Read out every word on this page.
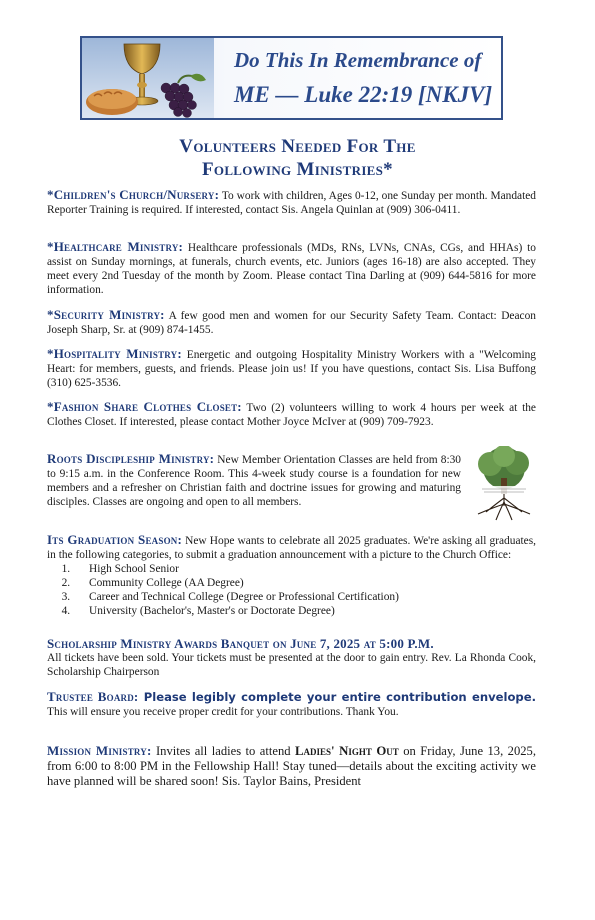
Do This In Remembrance of
ME — Luke 22:19 [NKJV]
Volunteers Needed For The
Following Ministries*
*Children's Church/Nursery: To work with children, Ages 0-12, one Sunday per month. Mandated Reporter Training is required. If interested, contact Sis. Angela Quinlan at (909) 306-0411.
*Healthcare Ministry: Healthcare professionals (MDs, RNs, LVNs, CNAs, CGs, and HHAs) to assist on Sunday mornings, at funerals, church events, etc. Juniors (ages 16-18) are also accepted. They meet every 2nd Tuesday of the month by Zoom. Please contact Tina Darling at (909) 644-5816 for more information.
*Security Ministry: A few good men and women for our Security Safety Team. Contact: Deacon Joseph Sharp, Sr. at (909) 874-1455.
*Hospitality Ministry: Energetic and outgoing Hospitality Ministry Workers with a "Welcoming Heart: for members, guests, and friends. Please join us! If you have questions, contact Sis. Lisa Buffong (310) 625-3536.
*Fashion Share Clothes Closet: Two (2) volunteers willing to work 4 hours per week at the Clothes Closet. If interested, please contact Mother Joyce McIver at (909) 709-7923.
Roots Discipleship Ministry: New Member Orientation Classes are held from 8:30 to 9:15 a.m. in the Conference Room. This 4-week study course is a foundation for new members and a refresher on Christian faith and doctrine issues for growing and maturing disciples. Classes are ongoing and open to all members.
Its Graduation Season: New Hope wants to celebrate all 2025 graduates. We're asking all graduates, in the following categories, to submit a graduation announcement with a picture to the Church Office:
1. High School Senior
2. Community College (AA Degree)
3. Career and Technical College (Degree or Professional Certification)
4. University (Bachelor's, Master's or Doctorate Degree)
Scholarship Ministry Awards Banquet on June 7, 2025 at 5:00 P.M.
All tickets have been sold. Your tickets must be presented at the door to gain entry. Rev. La Rhonda Cook, Scholarship Chairperson
Trustee Board: Please legibly complete your entire contribution envelope. This will ensure you receive proper credit for your contributions. Thank You.
Mission Ministry: Invites all ladies to attend Ladies' Night Out on Friday, June 13, 2025, from 6:00 to 8:00 PM in the Fellowship Hall! Stay tuned—details about the exciting activity we have planned will be shared soon! Sis. Taylor Bains, President
